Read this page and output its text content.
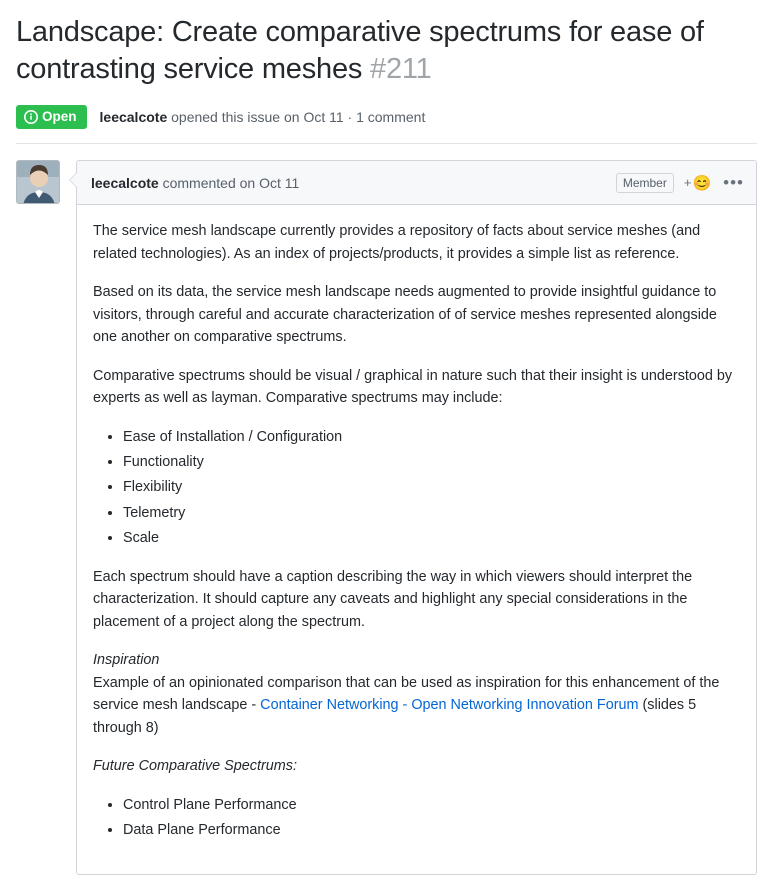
Landscape: Create comparative spectrums for ease of contrasting service meshes #211
Open leecalcote opened this issue on Oct 11 · 1 comment
leecalcote commented on Oct 11	Member	+ 😊 •••

The service mesh landscape currently provides a repository of facts about service meshes (and related technologies). As an index of projects/products, it provides a simple list as reference.

Based on its data, the service mesh landscape needs augmented to provide insightful guidance to visitors, through careful and accurate characterization of of service meshes represented alongside one another on comparative spectrums.

Comparative spectrums should be visual / graphical in nature such that their insight is understood by experts as well as layman. Comparative spectrums may include:

• Ease of Installation / Configuration
• Functionality
• Flexibility
• Telemetry
• Scale

Each spectrum should have a caption describing the way in which viewers should interpret the characterization. It should capture any caveats and highlight any special considerations in the placement of a project along the spectrum.

Inspiration

Example of an opinionated comparison that can be used as inspiration for this enhancement of the service mesh landscape - Container Networking - Open Networking Innovation Forum (slides 5 through 8)

Future Comparative Spectrums:

• Control Plane Performance
• Data Plane Performance
